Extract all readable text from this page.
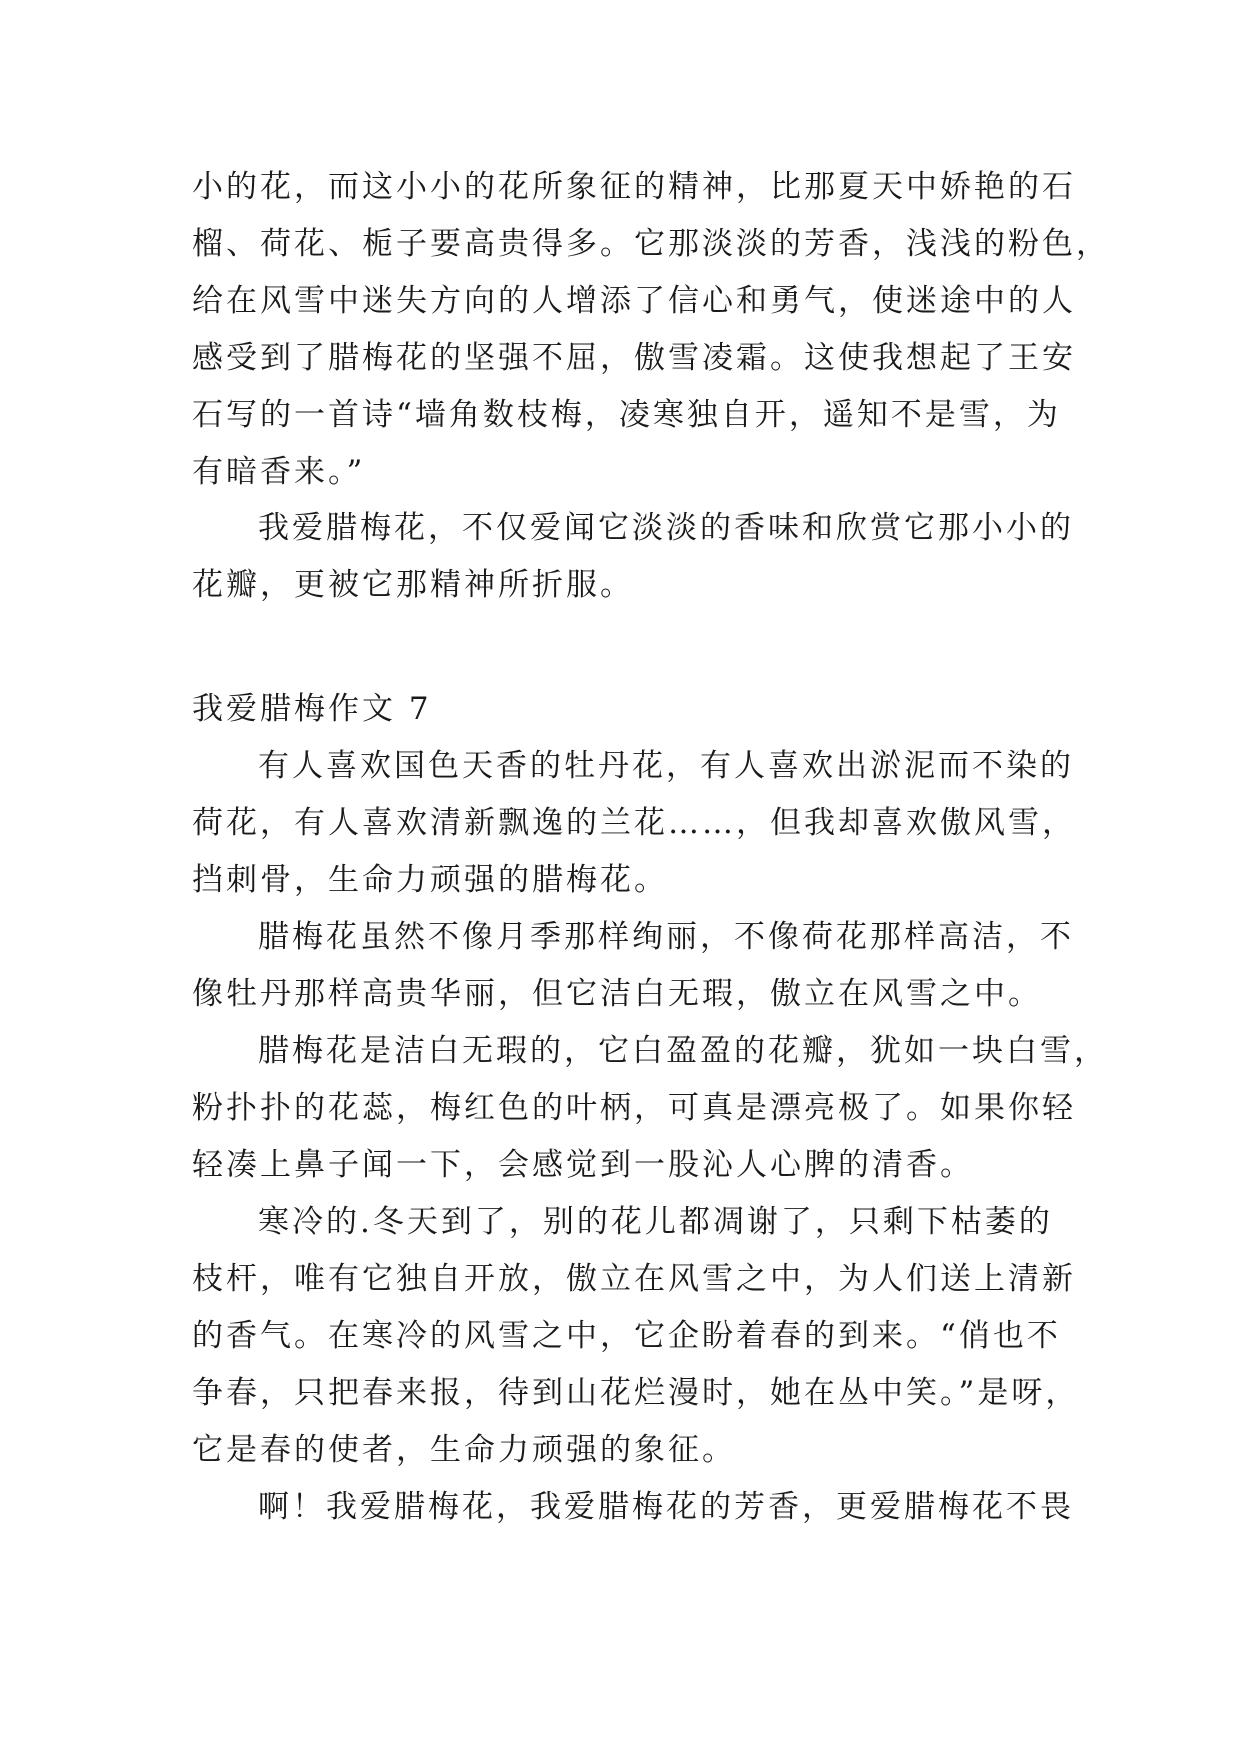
小的花，而这小小的花所象征的精神，比那夏天中娇艳的石
榴、荷花、栀子要高贵得多。它那淡淡的芳香，浅浅的粉色，
给在风雪中迷失方向的人增添了信心和勇气，使迷途中的人
感受到了腊梅花的坚强不屈，傲雪凌霜。这使我想起了王安
石写的一首诗“墙角数枝梅，凌寒独自开，遥知不是雪，为
有暗香来。”
我爱腊梅花，不仅爱闻它淡淡的香味和欣赏它那小小的
花瓣，更被它那精神所折服。
我爱腊梅作文 7
有人喜欢国色天香的牡丹花，有人喜欢出淤泥而不染的
荷花，有人喜欢清新飘逸的兰花……，但我却喜欢傲风雪，
挡刺骨，生命力顽强的腊梅花。
腊梅花虽然不像月季那样绚丽，不像荷花那样高洁，不
像牡丹那样高贵华丽，但它洁白无瑕，傲立在风雪之中。
腊梅花是洁白无瑕的，它白盈盈的花瓣，犹如一块白雪，
粉扑扑的花蕊，梅红色的叶柄，可真是漂亮极了。如果你轻
轻凑上鼻子闻一下，会感觉到一股沁人心脾的清香。
寒冷的.冬天到了，别的花儿都凋谢了，只剩下枯萎的
枝杆，唯有它独自开放，傲立在风雪之中，为人们送上清新
的香气。在寒冷的风雪之中，它企盼着春的到来。“俏也不
争春，只把春来报，待到山花烂漫时，她在丛中笑。”是呀，
它是春的使者，生命力顽强的象征。
啊！我爱腊梅花，我爱腊梅花的芳香，更爱腊梅花不畏
